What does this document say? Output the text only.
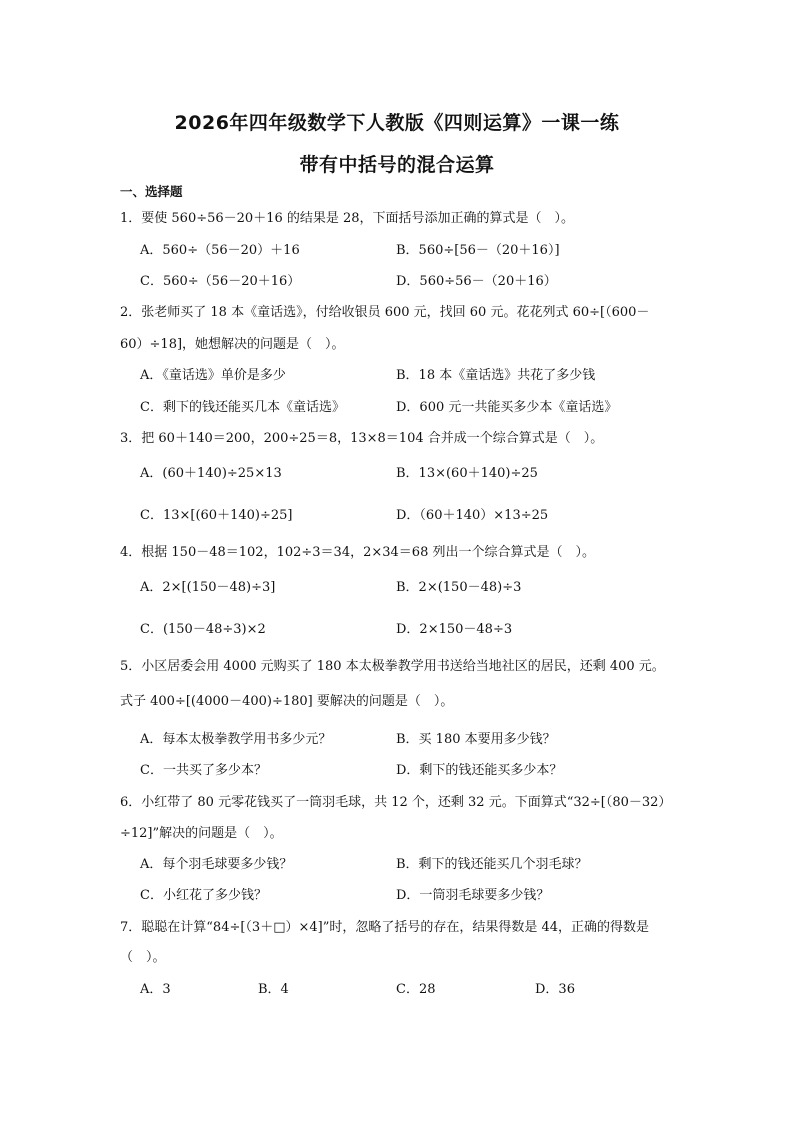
2026年四年级数学下人教版《四则运算》一课一练
带有中括号的混合运算
一、选择题
1．要使 560÷56－20＋16 的结果是 28，下面括号添加正确的算式是（　）。
A．560÷（56－20）＋16	B．560÷[56－（20＋16）]
C．560÷（56－20＋16）	D．560÷56－（20＋16）
2．张老师买了 18 本《童话选》，付给收银员 600 元，找回 60 元。花花列式 60÷[（600－
60）÷18]，她想解决的问题是（　）。
A．《童话选》单价是多少	B．18 本《童话选》共花了多少钱
C．剩下的钱还能买几本《童话选》	D．600 元一共能买多少本《童话选》
3．把 60＋140＝200，200÷25＝8，13×8＝104 合并成一个综合算式是（　）。
A．(60＋140)÷25×13	B．13×(60＋140)÷25
C．13×[(60＋140)÷25]	D．（60＋140）×13÷25
4．根据 150－48＝102，102÷3＝34，2×34＝68 列出一个综合算式是（　）。
A．2×[(150－48)÷3]	B．2×(150－48)÷3
C．(150－48÷3)×2	D．2×150－48÷3
5．小区居委会用 4000 元购买了 180 本太极拳教学用书送给当地社区的居民，还剩 400 元。
式子 400÷[(4000－400)÷180] 要解决的问题是（　）。
A．每本太极拳教学用书多少元？	B．买 180 本要用多少钱？
C．一共买了多少本？	D．剩下的钱还能买多少本？
6．小红带了 80 元零花钱买了一筒羽毛球，共 12 个，还剩 32 元。下面算式“32÷[（80－32）
÷12]”解决的问题是（　）。
A．每个羽毛球要多少钱？	B．剩下的钱还能买几个羽毛球？
C．小红花了多少钱？	D．一筒羽毛球要多少钱？
7．聪聪在计算“84÷[（3＋□）×4]”时，忽略了括号的存在，结果得数是 44，正确的得数是
（　）。
A．3	B．4	C．28	D．36
